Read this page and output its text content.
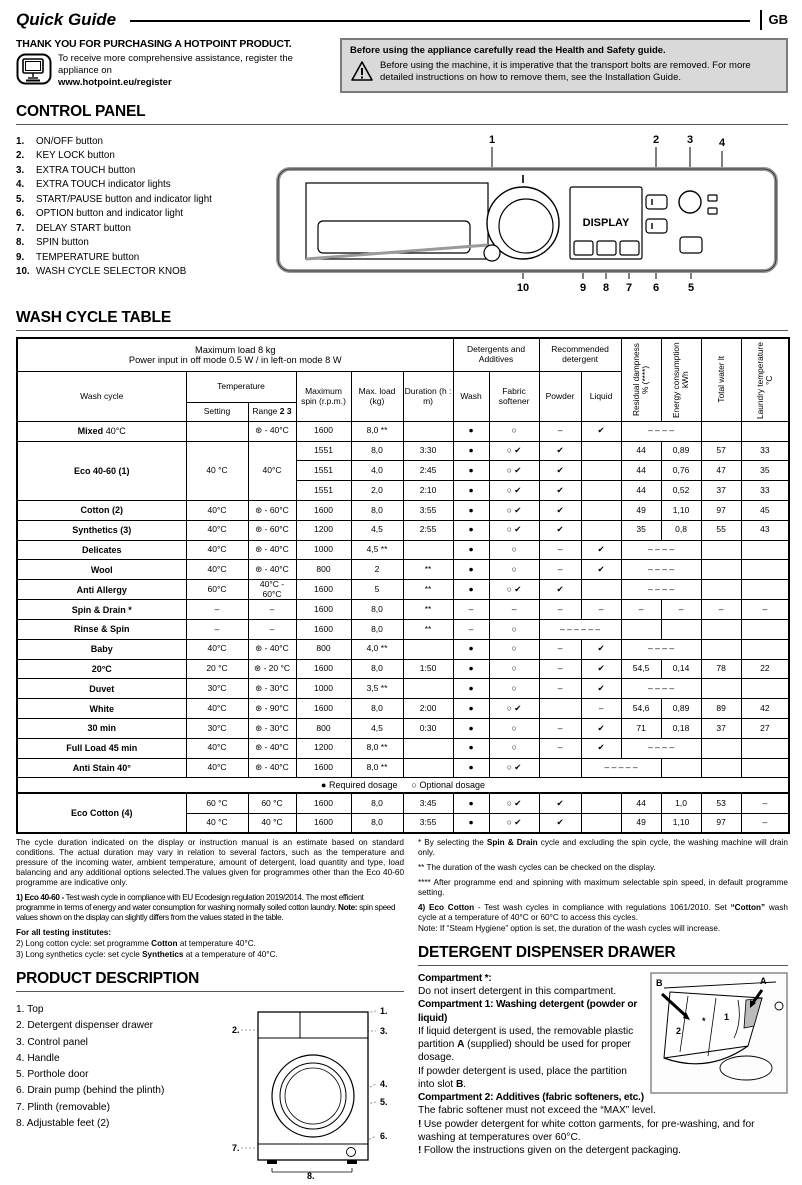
Quick Guide	GB
THANK YOU FOR PURCHASING A HOTPOINT PRODUCT.
To receive more comprehensive assistance, register the appliance on
www.hotpoint.eu/register
Before using the appliance carefully read the Health and Safety guide.
Before using the machine, it is imperative that the transport bolts are removed. For more detailed instructions on how to remove them, see the Installation Guide.
CONTROL PANEL
1.	ON/OFF button
2.	KEY LOCK button
3.	EXTRA TOUCH button
4.	EXTRA TOUCH indicator lights
5.	START/PAUSE button and indicator light
6.	OPTION button and indicator light
7.	DELAY START button
8.	SPIN button
9.	TEMPERATURE button
10. WASH CYCLE SELECTOR KNOB
DISPLAY
1	2	3 4
10	9 8 7 6	5
WASH CYCLE TABLE
Maximum load 8 kg
Power input in off mode 0.5 W / in left-on mode 8 W						Detergents and Additives		Recommended detergent		Residual dampness % (****)	Energy consumption kWh	Total water lt	Laundry temperature °C

Wash cycle	Temperature		Maximum spin (r.p.m.)	Max. load (kg)	Duration (h : m)	Wash	Fabric softener	Powder	Liquid				
	Setting	Range 2 3											
Mixed 40°C		⊛ - 40°C	1600	8,0 **		●	○	–	✔	– – – –			
Eco 40-60 (1)	40 °C	40°C	1551	8,0	3:30	●	○ ✔	✔		44	0,89	57	33
			1551	4,0	2:45	●	○ ✔	✔		44	0,76	47	35
			1551	2,0	2:10	●	○ ✔	✔		44	0,52	37	33
Cotton (2)	40°C	⊛ - 60°C	1600	8,0	3:55	●	○ ✔	✔		49	1,10	97	45
Synthetics (3)	40°C	⊛ - 60°C	1200	4,5	2:55	●	○ ✔	✔		35	0,8	55	43
Delicates	40°C	⊛ - 40°C	1000	4,5 **		●	○	–	✔	– – – –			
Wool	40°C	⊛ - 40°C	800	2	**	●	○	–	✔	– – – –			
Anti Allergy	60°C	40°C - 60°C	1600	5	**	●	○ ✔	✔		– – – –			
Spin & Drain *	–	–	1600	8,0	**	–	–	–	–	–	–	–	–
Rinse & Spin	–	–	1600	8,0	**	–	○	– – – – – –					
Baby	40°C	⊛ - 40°C	800	4,0 **		●	○	–	✔	– – – –			
20°C	20 °C	⊛ - 20 °C	1600	8,0	1:50	●	○	–	✔	54,5	0,14	78	22
Duvet	30°C	⊛ - 30°C	1000	3,5 **		●	○	–	✔	– – – –			
White	40°C	⊛ - 90°C	1600	8,0	2:00	●	○ ✔		–	54,6	0,89	89	42
30 min	30°C	⊛ - 30°C	800	4,5	0:30	●	○	–	✔	71	0,18	37	27
Full Load 45 min	40°C	⊛ - 40°C	1200	8,0 **		●	○	–	✔	– – – –			
Anti Stain 40°	40°C	⊛ - 40°C	1600	8,0 **		●	○ ✔		– – – – –				
● Required dosage ○ Optional dosage													
Eco Cotton (4)	60 °C	60 °C	1600	8,0	3:45	●	○ ✔	✔		44	1,0	53	–
	40 °C	40 °C	1600	8,0	3:55	●	○ ✔	✔		49	1,10	97	–

The cycle duration indicated on the display or instruction manual is an estimate based on standard conditions. The actual duration may vary in relation to several factors, such as the temperature and pressure of the incoming water, ambient temperature, amount of detergent, load quantity and type, load balancing and any additional options selected.The values given for programmes other than the Eco 40-60 programme are indicative only.

1) Eco 40-60 - Test wash cycle in compliance with EU Ecodesign regulation 2019/2014. The most efficient programme in terms of energy and water consumption for washing normally soiled cotton laundry. Note: spin speed values shown on the display can slightly differs from the values stated in the table.

For all testing institutes:

2) Long cotton cycle: set programme Cotton at temperature 40°C.

3) Long synthetics cycle: set cycle Synthetics at a temperature of 40°C.

PRODUCT DESCRIPTION
1. Top
2. Detergent dispenser drawer
3. Control panel
4. Handle
5. Porthole door
6. Drain pump (behind the plinth)
7. Plinth (removable)
8. Adjustable feet (2)
1.
2.	3.
4.
5.
6.
7.
8.

* By selecting the Spin & Drain cycle and excluding the spin cycle, the washing machine will drain only.

** The duration of the wash cycles can be checked on the display.

**** After programme end and spinning with maximum selectable spin speed, in default programme setting.

4) Eco Cotton - Test wash cycles in compliance with regulations 1061/2010. Set “Cotton” wash cycle at a temperature of 40°C or 60°C to access this cycles.

Note: If “Steam Hygiene” option is set, the duration of the wash cycles will increase.

DETERGENT DISPENSER DRAWER
B	A
2
* 1

Compartment *:

Do not insert detergent in this compartment.

Compartment 1: Washing detergent (powder or liquid)

If liquid detergent is used, the removable plastic partition A (supplied) should be used for proper dosage.

If powder detergent is used, place the partition into slot B.

Compartment 2: Additives (fabric softeners, etc.)

The fabric softener must not exceed the “MAX” level.

! Use powder detergent for white cotton garments, for pre-washing, and for washing at temperatures over 60°C.

! Follow the instructions given on the detergent packaging.
